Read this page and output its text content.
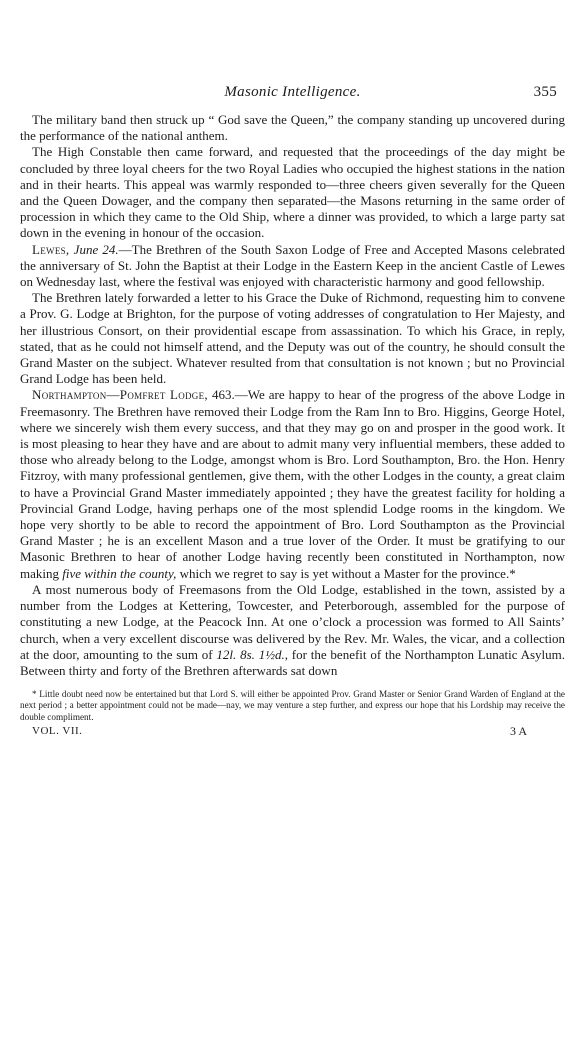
Masonic Intelligence.	355

The military band then struck up “ God save the Queen,” the company standing up uncovered during the performance of the national anthem.

The High Constable then came forward, and requested that the proceedings of the day might be concluded by three loyal cheers for the two Royal Ladies who occupied the highest stations in the nation and in their hearts. This appeal was warmly responded to—three cheers given severally for the Queen and the Queen Dowager, and the company then separated—the Masons returning in the same order of procession in which they came to the Old Ship, where a dinner was provided, to which a large party sat down in the evening in honour of the occasion.

Lewes, June 24.—The Brethren of the South Saxon Lodge of Free and Accepted Masons celebrated the anniversary of St. John the Baptist at their Lodge in the Eastern Keep in the ancient Castle of Lewes on Wednesday last, where the festival was enjoyed with characteristic harmony and good fellowship.

The Brethren lately forwarded a letter to his Grace the Duke of Richmond, requesting him to convene a Prov. G. Lodge at Brighton, for the purpose of voting addresses of congratulation to Her Majesty, and her illustrious Consort, on their providential escape from assassination. To which his Grace, in reply, stated, that as he could not himself attend, and the Deputy was out of the country, he should consult the Grand Master on the subject. Whatever resulted from that consultation is not known ; but no Provincial Grand Lodge has been held.

Northampton—Pomfret Lodge, 463.—We are happy to hear of the progress of the above Lodge in Freemasonry. The Brethren have removed their Lodge from the Ram Inn to Bro. Higgins, George Hotel, where we sincerely wish them every success, and that they may go on and prosper in the good work. It is most pleasing to hear they have and are about to admit many very influential members, these added to those who already belong to the Lodge, amongst whom is Bro. Lord Southampton, Bro. the Hon. Henry Fitzroy, with many professional gentlemen, give them, with the other Lodges in the county, a great claim to have a Provincial Grand Master immediately appointed ; they have the greatest facility for holding a Provincial Grand Lodge, having perhaps one of the most splendid Lodge rooms in the kingdom. We hope very shortly to be able to record the appointment of Bro. Lord Southampton as the Provincial Grand Master ; he is an excellent Mason and a true lover of the Order. It must be gratifying to our Masonic Brethren to hear of another Lodge having recently been constituted in Northampton, now making five within the county, which we regret to say is yet without a Master for the province.*

A most numerous body of Freemasons from the Old Lodge, established in the town, assisted by a number from the Lodges at Kettering, Towcester, and Peterborough, assembled for the purpose of constituting a new Lodge, at the Peacock Inn. At one o’clock a procession was formed to All Saints’ church, when a very excellent discourse was delivered by the Rev. Mr. Wales, the vicar, and a collection at the door, amounting to the sum of 12l. 8s. 1½d., for the benefit of the Northampton Lunatic Asylum. Between thirty and forty of the Brethren afterwards sat down

* Little doubt need now be entertained but that Lord S. will either be appointed Prov. Grand Master or Senior Grand Warden of England at the next period ; a better appointment could not be made—nay, we may venture a step further, and express our hope that his Lordship may receive the double compliment.

VOL. VII.	3 A
